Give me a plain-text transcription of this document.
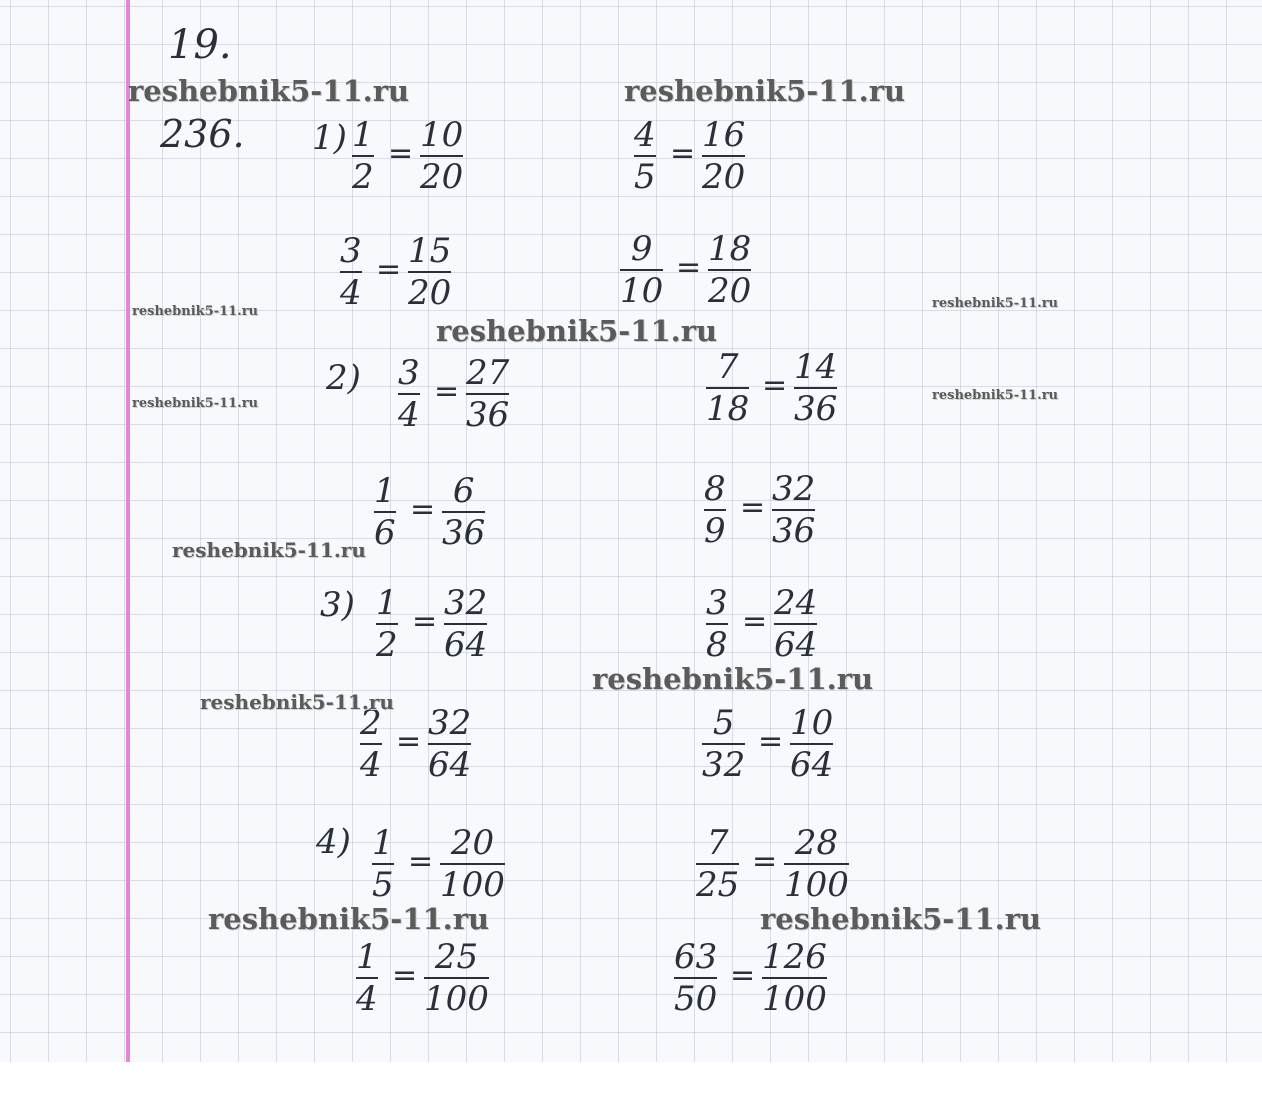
19.
236. 1)
2)
3)
4)
1
2
= 10
20
4
5
= 16
20
3
4
= 15
20
9
10
= 18
20
3
4
= 27
36
7
18
= 14
36
1
6
= 6
36
8
9
= 32
36
1
2
= 32
64
3
8
= 24
64
2
4
= 32
64
5
32
= 10
64
1
5
= 20
100
7
25
= 28
100
1
4
= 25
100
63
50
= 126
100
reshebnik5-11.ru	reshebnik5-11.ru
reshebnik5-11.ru
reshebnik5-11.ru
reshebnik5-11.ru
reshebnik5-11.ru
reshebnik5-11.ru
reshebnik5-11.ru
reshebnik5-11.ru
reshebnik5-11.ru
reshebnik5-11.ru	reshebnik5-11.ru
